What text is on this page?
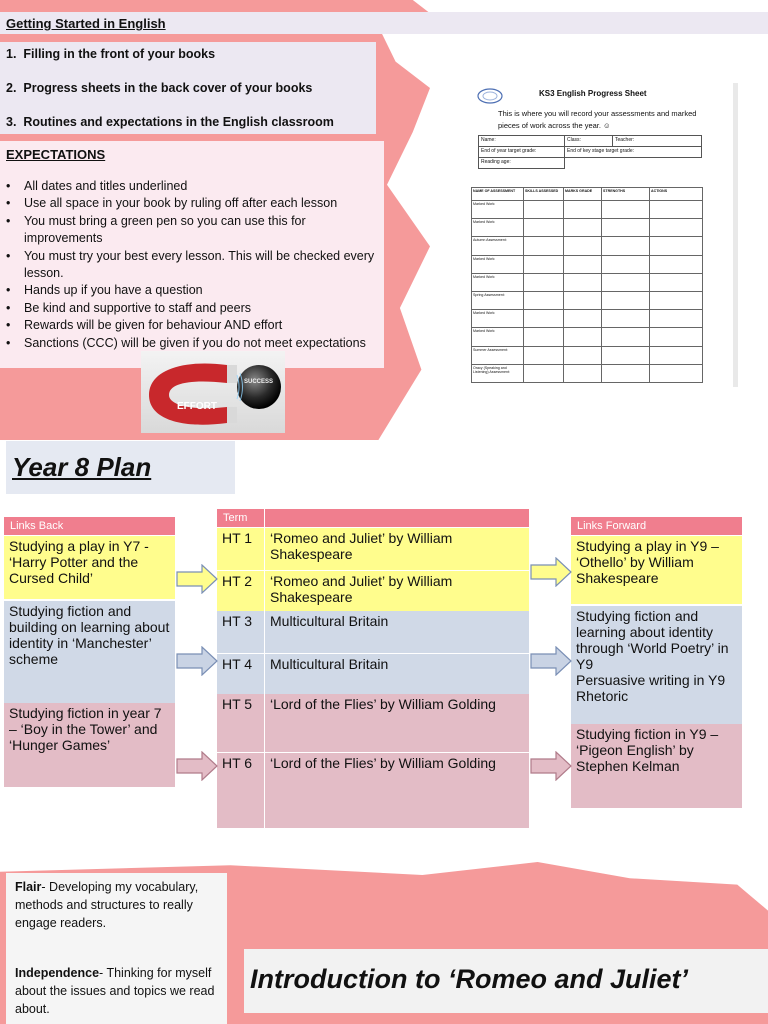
Getting Started in English
1.  Filling in the front of your books
2.  Progress sheets in the back cover of your books
3.  Routines and expectations in the English classroom
EXPECTATIONS
• All dates and titles underlined
• Use all space in your book by ruling off after each lesson
• You must bring a green pen so you can use this for improvements
• You must try your best every lesson. This will be checked every lesson.
• Hands up if you have a question
• Be kind and supportive to staff and peers
• Rewards will be given for behaviour AND effort
• Sanctions (CCC) will be given if you do not meet expectations
EFFORT
SUCCESS
KS3 English Progress Sheet
This is where you will record your assessments and marked pieces of work across the year. ☺
Name:	Class:	Teacher:
End of year target grade:	End of key stage target grade:	
Reading age:		
NAME OF ASSESSMENT	SKILLS ASSESSED	MARKS GRADE	STRENGTHS	ACTIONS
Marked Work:				
Marked Work:				
Autumn Assessment:				
Marked Work:				
Marked Work:				
Spring Assessment:				
Marked Work:				
Marked Work:				
Summer Assessment:				
Oracy (Speaking and Listening) Assessment:				
Year 8 Plan
Links Back
Studying a play in Y7 - ‘Harry Potter and the Cursed Child’
Studying fiction and building on learning about identity in ‘Manchester’ scheme
Studying fiction in year 7 – ‘Boy in the Tower’ and ‘Hunger Games’
Term
HT 1	‘Romeo and Juliet’ by William Shakespeare
HT 2	‘Romeo and Juliet’ by William Shakespeare
HT 3	Multicultural Britain
HT 4	Multicultural Britain
HT 5	‘Lord of the Flies’ by William Golding
HT 6	‘Lord of the Flies’ by William Golding
Links Forward
Studying a play in Y9 – ‘Othello’ by William Shakespeare
Studying fiction and learning about identity through ‘World Poetry’ in Y9
Persuasive writing in Y9 Rhetoric
Studying fiction in Y9 – ‘Pigeon English’ by Stephen Kelman
Flair- Developing my vocabulary, methods and structures to really engage readers.
Independence- Thinking for myself about the issues and topics we read about.
Introduction to ‘Romeo and Juliet’
